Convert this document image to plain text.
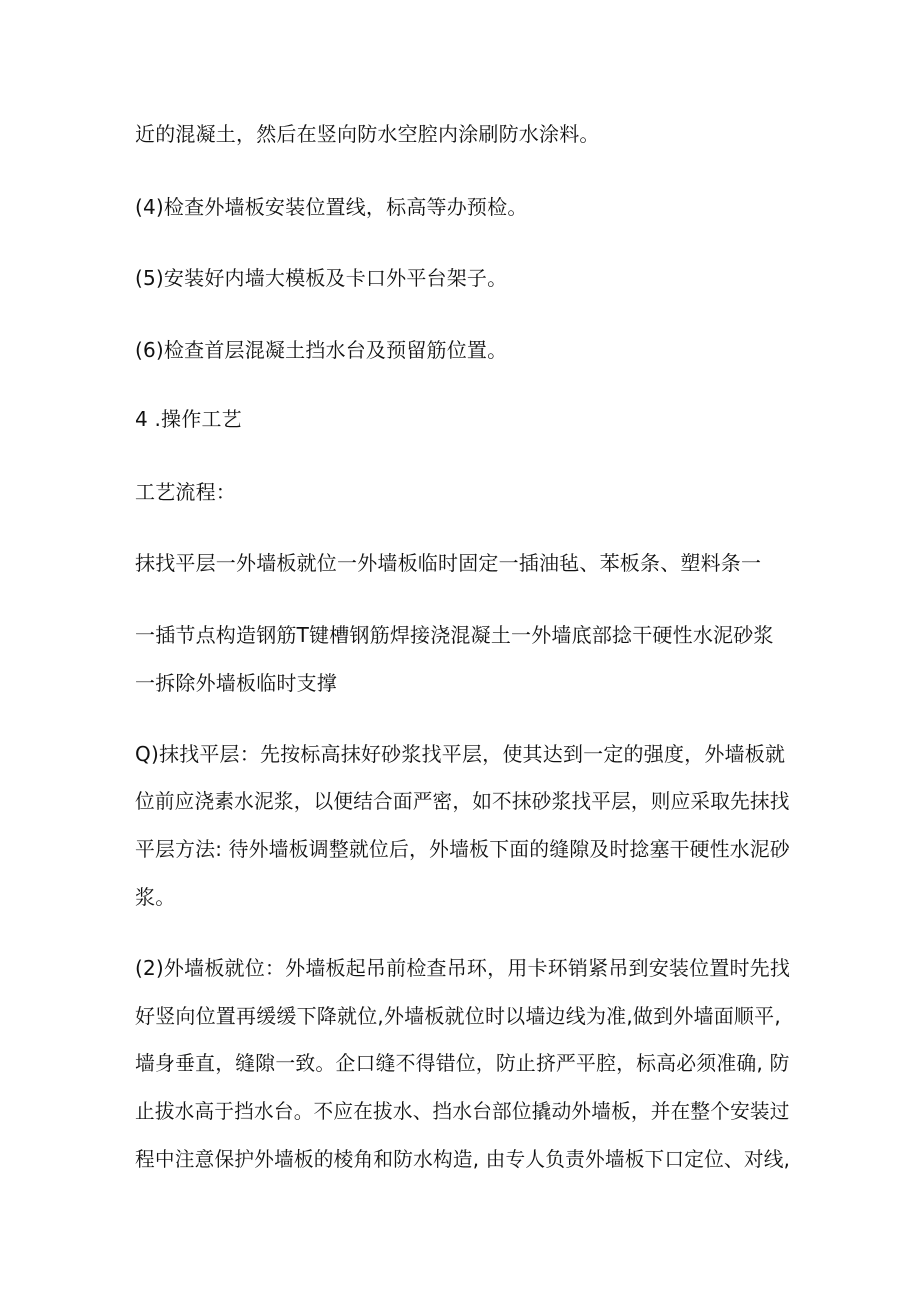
近的混凝土，然后在竖向防水空腔内涂刷防水涂料。

(4)检查外墙板安装位置线，标高等办预检。

(5)安装好内墙大模板及卡口外平台架子。

(6)检查首层混凝土挡水台及预留筋位置。

4 .操作工艺

工艺流程：

抹找平层一外墙板就位一外墙板临时固定一插油毡、苯板条、塑料条一

一插节点构造钢筋T键槽钢筋焊接浇混凝土一外墙底部捻干硬性水泥砂浆

一拆除外墙板临时支撑

Q)抹找平层：先按标高抹好砂浆找平层，使其达到一定的强度，外墙板就

位前应浇素水泥浆，以便结合面严密，如不抹砂浆找平层，则应采取先抹找

平层方法: 待外墙板调整就位后，外墙板下面的缝隙及时捻塞干硬性水泥砂

浆。

(2)外墙板就位：外墙板起吊前检查吊环，用卡环销紧吊到安装位置时先找

好竖向位置再缓缓下降就位,外墙板就位时以墙边线为准,做到外墙面顺平,

墙身垂直，缝隙一致。企口缝不得错位，防止挤严平腔，标高必须准确, 防

止拔水高于挡水台。不应在拔水、挡水台部位撬动外墙板，并在整个安装过

程中注意保护外墙板的棱角和防水构造, 由专人负责外墙板下口定位、对线,
